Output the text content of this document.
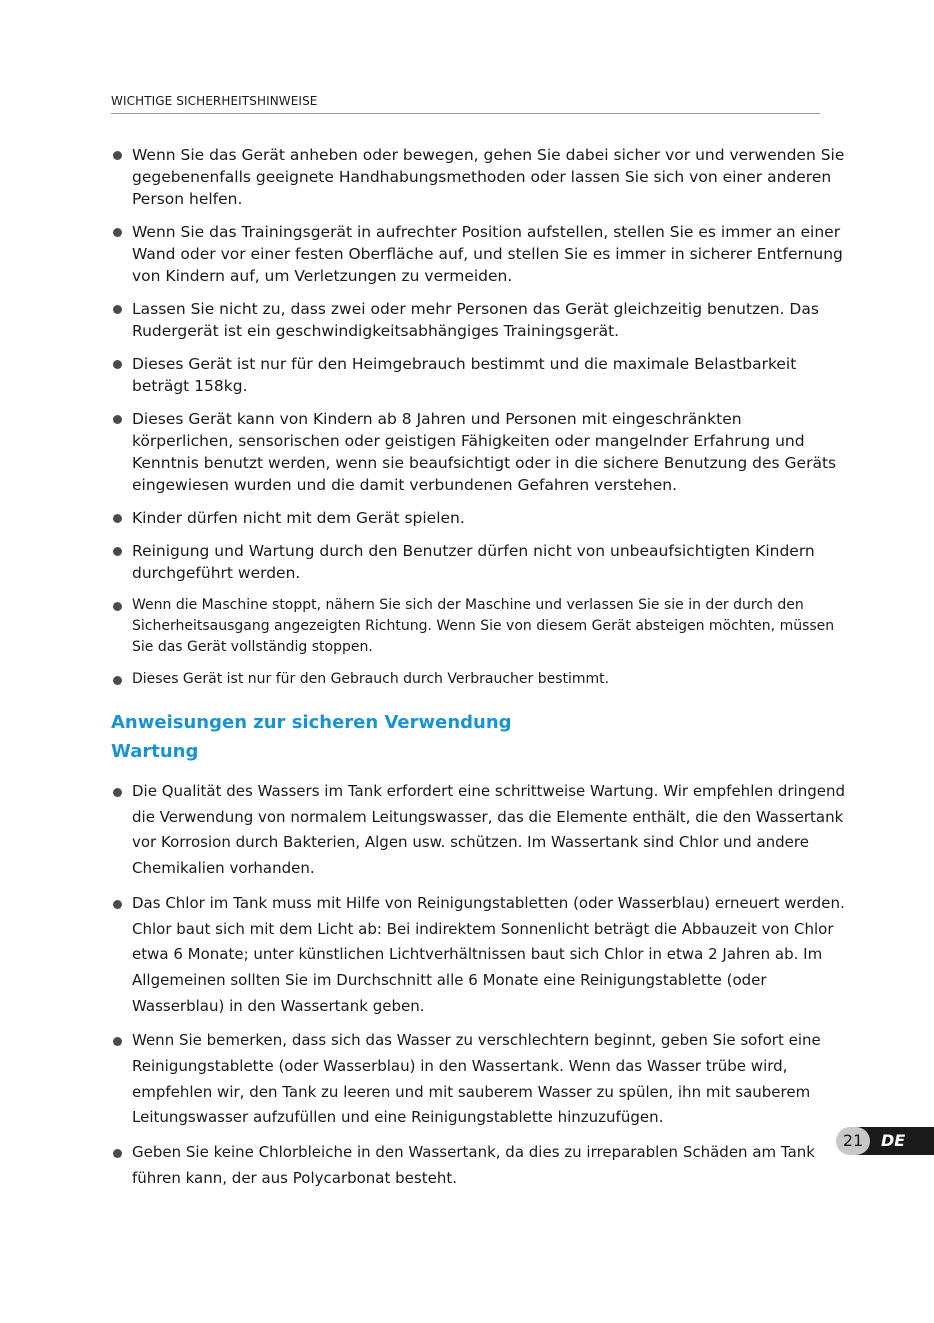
WICHTIGE SICHERHEITSHINWEISE
Wenn Sie das Gerät anheben oder bewegen, gehen Sie dabei sicher vor und verwenden Sie gegebenenfalls geeignete Handhabungsmethoden oder lassen Sie sich von einer anderen Person helfen.
Wenn Sie das Trainingsgerät in aufrechter Position aufstellen, stellen Sie es immer an einer Wand oder vor einer festen Oberfläche auf, und stellen Sie es immer in sicherer Entfernung von Kindern auf, um Verletzungen zu vermeiden.
Lassen Sie nicht zu, dass zwei oder mehr Personen das Gerät gleichzeitig benutzen. Das Rudergerät ist ein geschwindigkeitsabhängiges Trainingsgerät.
Dieses Gerät ist nur für den Heimgebrauch bestimmt und die maximale Belastbarkeit beträgt 158kg.
Dieses Gerät kann von Kindern ab 8 Jahren und Personen mit eingeschränkten körperlichen, sensorischen oder geistigen Fähigkeiten oder mangelnder Erfahrung und Kenntnis benutzt werden, wenn sie beaufsichtigt oder in die sichere Benutzung des Geräts eingewiesen wurden und die damit verbundenen Gefahren verstehen.
Kinder dürfen nicht mit dem Gerät spielen.
Reinigung und Wartung durch den Benutzer dürfen nicht von unbeaufsichtigten Kindern durchgeführt werden.
Wenn die Maschine stoppt, nähern Sie sich der Maschine und verlassen Sie sie in der durch den Sicherheitsausgang angezeigten Richtung. Wenn Sie von diesem Gerät absteigen möchten, müssen Sie das Gerät vollständig stoppen.
Dieses Gerät ist nur für den Gebrauch durch Verbraucher bestimmt.
Anweisungen zur sicheren Verwendung
Wartung
Die Qualität des Wassers im Tank erfordert eine schrittweise Wartung. Wir empfehlen dringend die Verwendung von normalem Leitungswasser, das die Elemente enthält, die den Wassertank vor Korrosion durch Bakterien, Algen usw. schützen. Im Wassertank sind Chlor und andere Chemikalien vorhanden.
Das Chlor im Tank muss mit Hilfe von Reinigungstabletten (oder Wasserblau) erneuert werden. Chlor baut sich mit dem Licht ab: Bei indirektem Sonnenlicht beträgt die Abbauzeit von Chlor etwa 6 Monate; unter künstlichen Lichtverhältnissen baut sich Chlor in etwa 2 Jahren ab. Im Allgemeinen sollten Sie im Durchschnitt alle 6 Monate eine Reinigungstablette (oder Wasserblau) in den Wassertank geben.
Wenn Sie bemerken, dass sich das Wasser zu verschlechtern beginnt, geben Sie sofort eine Reinigungstablette (oder Wasserblau) in den Wassertank. Wenn das Wasser trübe wird, empfehlen wir, den Tank zu leeren und mit sauberem Wasser zu spülen, ihn mit sauberem Leitungswasser aufzufüllen und eine Reinigungstablette hinzuzufügen.
Geben Sie keine Chlorbleiche in den Wassertank, da dies zu irreparablen Schäden am Tank führen kann, der aus Polycarbonat besteht.
DE
21
